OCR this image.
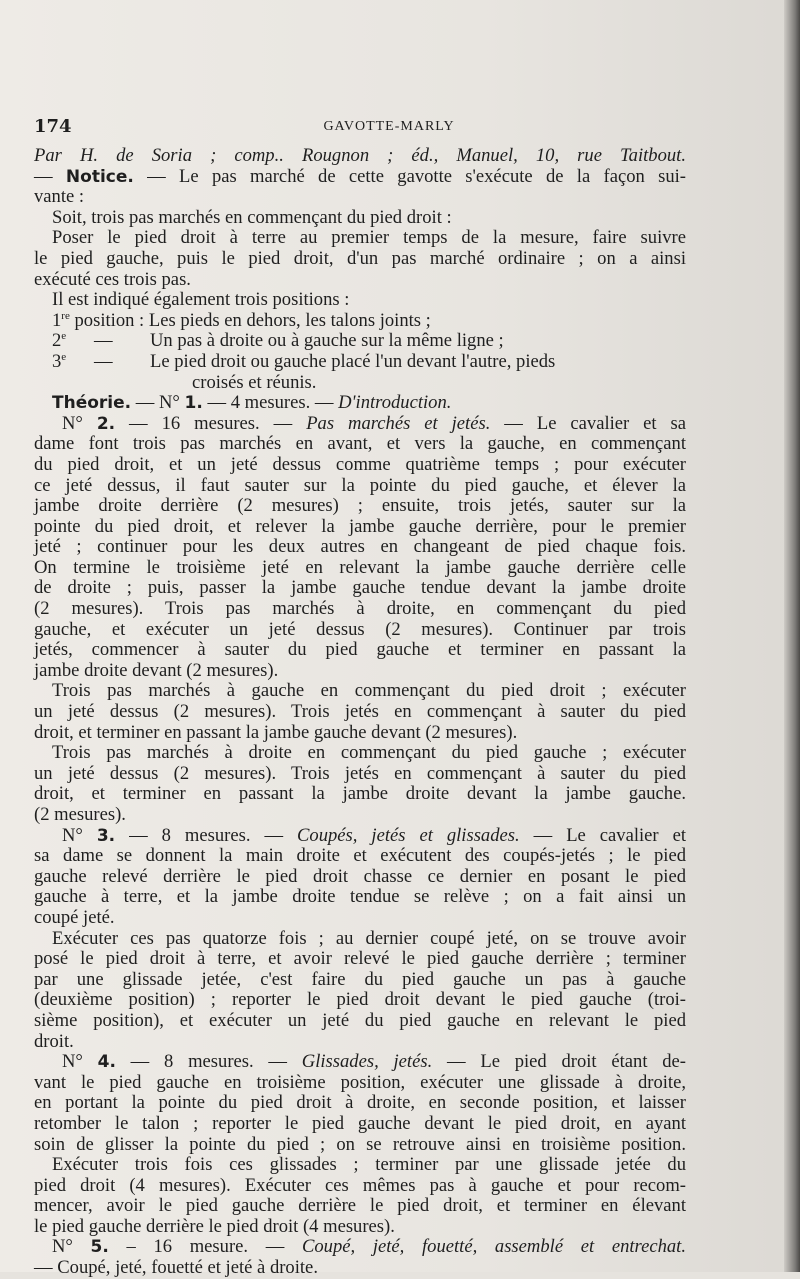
174	GAVOTTE-MARLY
Par H. de Soria ; comp.. Rougnon ; éd., Manuel, 10, rue Taitbout.
— Notice. — Le pas marché de cette gavotte s'exécute de la façon sui-
vante :
Soit, trois pas marchés en commençant du pied droit :
Poser le pied droit à terre au premier temps de la mesure, faire suivre
le pied gauche, puis le pied droit, d'un pas marché ordinaire ; on a ainsi
exécuté ces trois pas.
Il est indiqué également trois positions :
1re position : Les pieds en dehors, les talons joints ;
2e — Un pas à droite ou à gauche sur la même ligne ;
3e — Le pied droit ou gauche placé l'un devant l'autre, pieds
croisés et réunis.
Théorie. — N° 1. — 4 mesures. — D'introduction.
N° 2. — 16 mesures. — Pas marchés et jetés. — Le cavalier et sa
dame font trois pas marchés en avant, et vers la gauche, en commençant
du pied droit, et un jeté dessus comme quatrième temps ; pour exécuter
ce jeté dessus, il faut sauter sur la pointe du pied gauche, et élever la
jambe droite derrière (2 mesures) ; ensuite, trois jetés, sauter sur la
pointe du pied droit, et relever la jambe gauche derrière, pour le premier
jeté ; continuer pour les deux autres en changeant de pied chaque fois.
On termine le troisième jeté en relevant la jambe gauche derrière celle
de droite ; puis, passer la jambe gauche tendue devant la jambe droite
(2 mesures). Trois pas marchés à droite, en commençant du pied
gauche, et exécuter un jeté dessus (2 mesures). Continuer par trois
jetés, commencer à sauter du pied gauche et terminer en passant la
jambe droite devant (2 mesures).
Trois pas marchés à gauche en commençant du pied droit ; exécuter
un jeté dessus (2 mesures). Trois jetés en commençant à sauter du pied
droit, et terminer en passant la jambe gauche devant (2 mesures).
Trois pas marchés à droite en commençant du pied gauche ; exécuter
un jeté dessus (2 mesures). Trois jetés en commençant à sauter du pied
droit, et terminer en passant la jambe droite devant la jambe gauche.
(2 mesures).
N° 3. — 8 mesures. — Coupés, jetés et glissades. — Le cavalier et
sa dame se donnent la main droite et exécutent des coupés-jetés ; le pied
gauche relevé derrière le pied droit chasse ce dernier en posant le pied
gauche à terre, et la jambe droite tendue se relève ; on a fait ainsi un
coupé jeté.
Exécuter ces pas quatorze fois ; au dernier coupé jeté, on se trouve avoir
posé le pied droit à terre, et avoir relevé le pied gauche derrière ; terminer
par une glissade jetée, c'est faire du pied gauche un pas à gauche
(deuxième position) ; reporter le pied droit devant le pied gauche (troi-
sième position), et exécuter un jeté du pied gauche en relevant le pied
droit.
N° 4. — 8 mesures. — Glissades, jetés. — Le pied droit étant de-
vant le pied gauche en troisième position, exécuter une glissade à droite,
en portant la pointe du pied droit à droite, en seconde position, et laisser
retomber le talon ; reporter le pied gauche devant le pied droit, en ayant
soin de glisser la pointe du pied ; on se retrouve ainsi en troisième position.
Exécuter trois fois ces glissades ; terminer par une glissade jetée du
pied droit (4 mesures). Exécuter ces mêmes pas à gauche et pour recom-
mencer, avoir le pied gauche derrière le pied droit, et terminer en élevant
le pied gauche derrière le pied droit (4 mesures).
N° 5. – 16 mesure. — Coupé, jeté, fouetté, assemblé et entrechat.
— Coupé, jeté, fouetté et jeté à droite.
